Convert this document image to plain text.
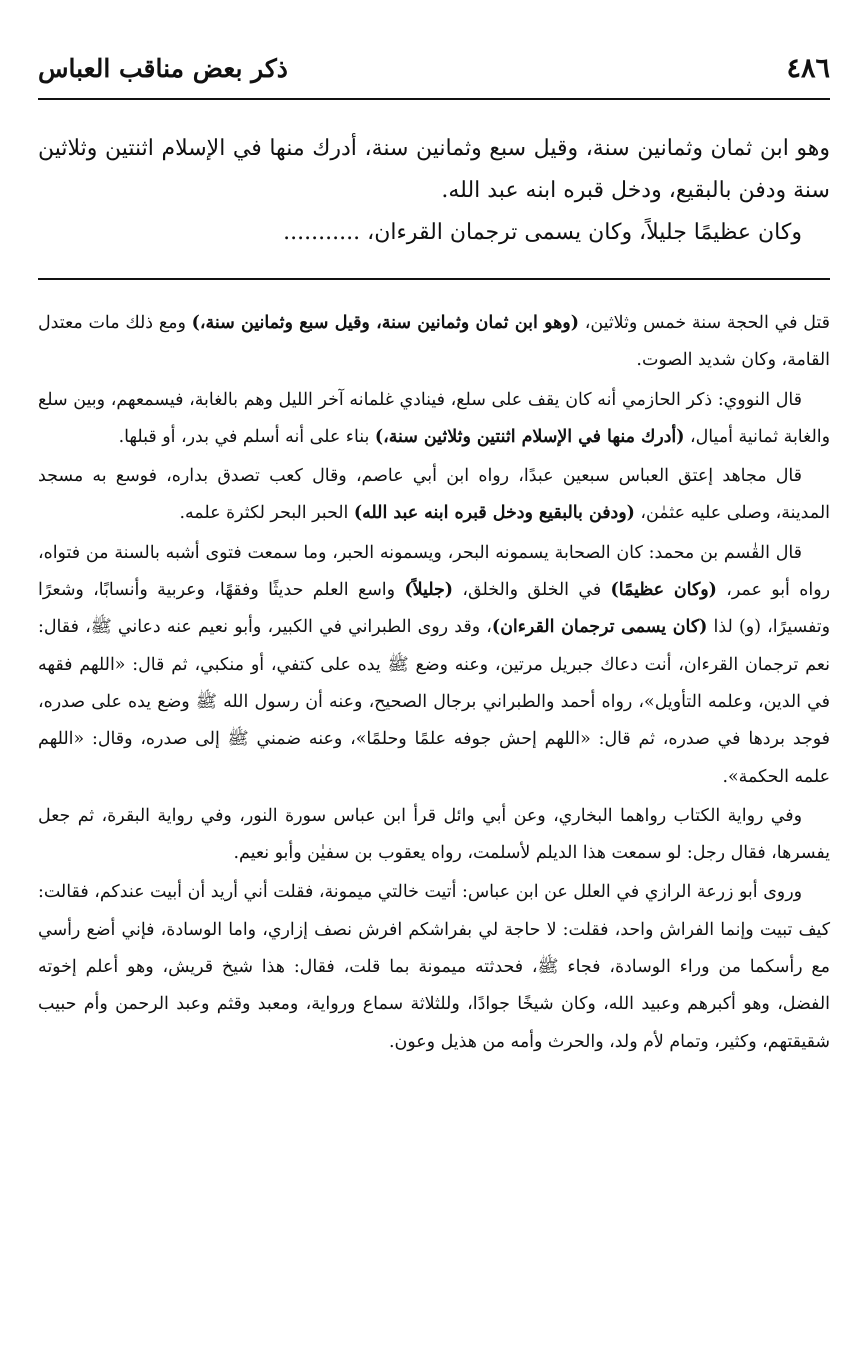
٤٨٦
ذكر بعض مناقب العباس

وهو ابن ثمان وثمانين سنة، وقيل سبع وثمانين سنة، أدرك منها في الإسلام اثنتين وثلاثين سنة ودفن بالبقيع، ودخل قبره ابنه عبد الله.

وكان عظيمًا جليلاً، وكان يسمى ترجمان القرءان، ...........

قتل في الحجة سنة خمس وثلاثين، (وهو ابن ثمان وثمانين سنة، وقيل سبع وثمانين سنة،) ومع ذلك مات معتدل القامة، وكان شديد الصوت.

قال النووي: ذكر الحازمي أنه كان يقف على سلع، فينادي غلمانه آخر الليل وهم بالغابة، فيسمعهم، وبين سلع والغابة ثمانية أميال، (أدرك منها في الإسلام اثنتين وثلاثين سنة،) بناء على أنه أسلم في بدر، أو قبلها.

قال مجاهد إعتق العباس سبعين عبدًا، رواه ابن أبي عاصم، وقال كعب تصدق بداره، فوسع به مسجد المدينة، وصلى عليه عثمٰن، (ودفن بالبقيع ودخل قبره ابنه عبد الله) الحبر البحر لكثرة علمه.

قال القٰسم بن محمد: كان الصحابة يسمونه البحر، ويسمونه الحبر، وما سمعت فتوى أشبه بالسنة من فتواه، رواه أبو عمر، (وكان عظيمًا) في الخلق والخلق، (جليلاً) واسع العلم حديثًا وفقهًا، وعربية وأنسابًا، وشعرًا وتفسيرًا، (و) لذا (كان يسمى ترجمان القرءان)، وقد روى الطبراني في الكبير، وأبو نعيم عنه دعاني ﷺ، فقال: نعم ترجمان القرءان، أنت دعاك جبريل مرتين، وعنه وضع ﷺ يده على كتفي، أو منكبي، ثم قال: «اللهم فقهه في الدين، وعلمه التأويل»، رواه أحمد والطبراني برجال الصحيح، وعنه أن رسول الله ﷺ وضع يده على صدره، فوجد بردها في صدره، ثم قال: «اللهم إحش جوفه علمًا وحلمًا»، وعنه ضمني ﷺ إلى صدره، وقال: «اللهم علمه الحكمة».

وفي رواية الكتاب رواهما البخاري، وعن أبي وائل قرأ ابن عباس سورة النور، وفي رواية البقرة، ثم جعل يفسرها، فقال رجل: لو سمعت هذا الديلم لأسلمت، رواه يعقوب بن سفيٰن وأبو نعيم.

وروى أبو زرعة الرازي في العلل عن ابن عباس: أتيت خالتي ميمونة، فقلت أني أريد أن أبيت عندكم، فقالت: كيف تبيت وإنما الفراش واحد، فقلت: لا حاجة لي بفراشكم افرش نصف إزاري، واما الوسادة، فإني أضع رأسي مع رأسكما من وراء الوسادة، فجاء ﷺ، فحدثته ميمونة بما قلت، فقال: هذا شيخ قريش، وهو أعلم إخوته الفضل، وهو أكبرهم وعبيد الله، وكان شيخًا جوادًا، وللثلاثة سماع ورواية، ومعبد وقثم وعبد الرحمن وأم حبيب شقيقتهم، وكثير، وتمام لأم ولد، والحرث وأمه من هذيل وعون.
